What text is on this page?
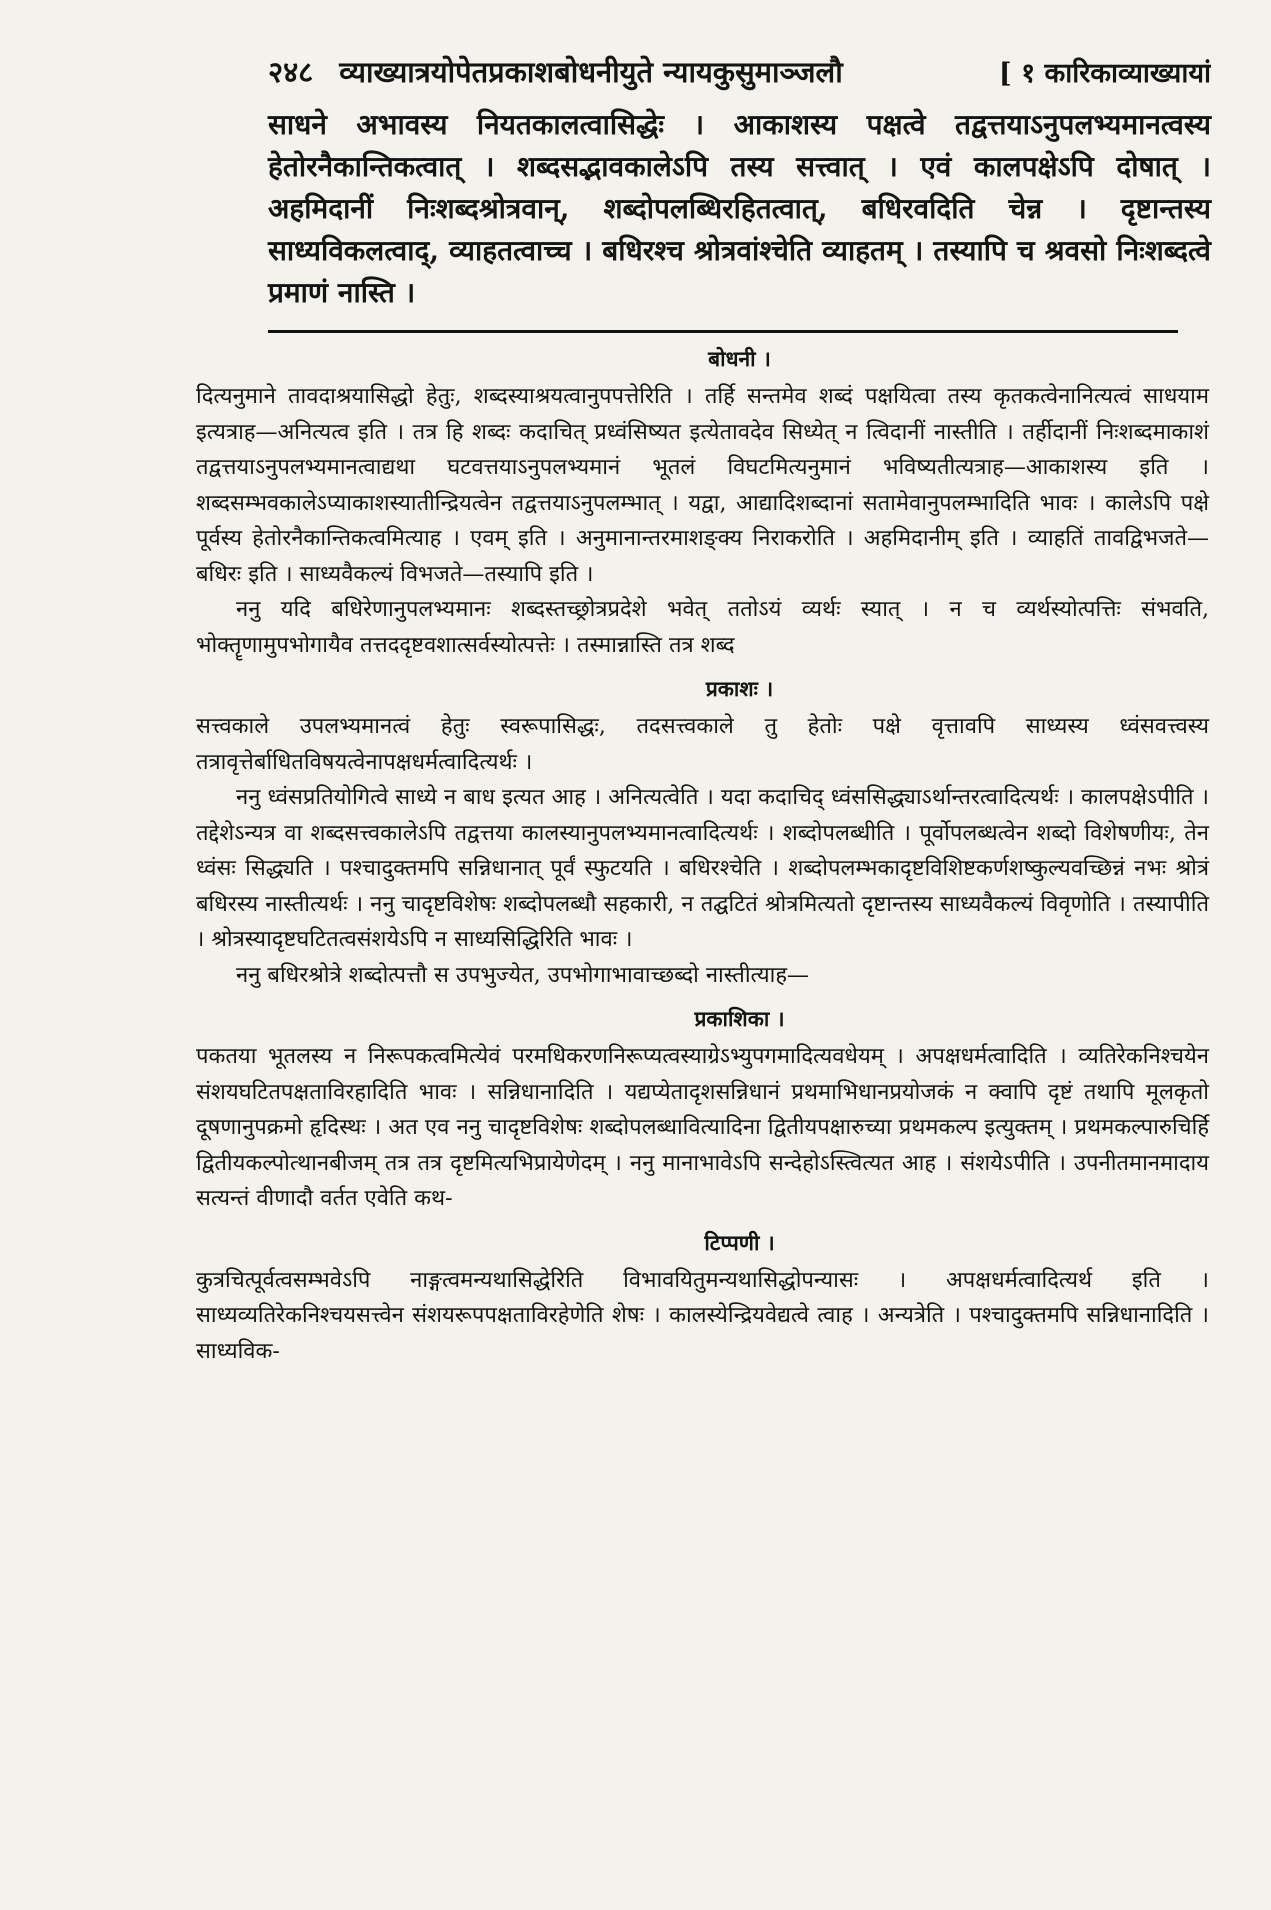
२४८ व्याख्यात्रयोपेतप्रकाशबोधनीयुते न्यायकुसुमाञ्जलौ	[ १ कारिकाव्याख्यायां

साधने अभावस्य नियतकालत्वासिद्धेः । आकाशस्य पक्षत्वे तद्वत्तयाऽनुपलभ्यमानत्वस्य हेतोरनैकान्तिकत्वात् । शब्दसद्भावकालेऽपि तस्य सत्त्वात् । एवं कालपक्षेऽपि दोषात् । अहमिदानीं निःशब्दश्रोत्रवान्, शब्दोपलब्धिरहितत्वात्, बधिरवदिति चेन्न । दृष्टान्तस्य साध्यविकलत्वाद्, व्याहतत्वाच्च । बधिरश्च श्रोत्रवांश्चेति व्याहतम् । तस्यापि च श्रवसो निःशब्दत्वे प्रमाणं नास्ति ।

बोधनी ।

दित्यनुमाने तावदाश्रयासिद्धो हेतुः, शब्दस्याश्रयत्वानुपपत्तेरिति । तर्हि सन्तमेव शब्दं पक्षयित्वा तस्य कृतकत्वेनानित्यत्वं साधयाम इत्यत्राह—अनित्यत्व इति । तत्र हि शब्दः कदाचित् प्रध्वंसिष्यत इत्येतावदेव सिध्येत् न त्विदानीं नास्तीति । तर्हीदानीं निःशब्दमाकाशं तद्वत्तयाऽनुपलभ्यमानत्वाद्यथा घटवत्तयाऽनुपलभ्यमानं भूतलं विघटमित्यनुमानं भविष्यतीत्यत्राह—आकाशस्य इति । शब्दसम्भवकालेऽप्याकाशस्यातीन्द्रियत्वेन तद्वत्तयाऽनुपलम्भात् । यद्वा, आद्यादिशब्दानां सतामेवानुपलम्भादिति भावः । कालेऽपि पक्षे पूर्वस्य हेतोरनैकान्तिकत्वमित्याह । एवम् इति । अनुमानान्तरमाशङ्क्य निराकरोति । अहमिदानीम् इति । व्याहतिं तावद्विभजते—बधिरः इति । साध्यवैकल्यं विभजते—तस्यापि इति ।

ननु यदि बधिरेणानुपलभ्यमानः शब्दस्तच्छ्रोत्रप्रदेशे भवेत् ततोऽयं व्यर्थः स्यात् । न च व्यर्थस्योत्पत्तिः संभवति, भोक्तॄणामुपभोगायैव तत्तददृष्टवशात्सर्वस्योत्पत्तेः । तस्मान्नास्ति तत्र शब्द

प्रकाशः ।

सत्त्वकाले उपलभ्यमानत्वं हेतुः स्वरूपासिद्धः, तदसत्त्वकाले तु हेतोः पक्षे वृत्तावपि साध्यस्य ध्वंसवत्त्वस्य तत्रावृत्तेर्बाधितविषयत्वेनापक्षधर्मत्वादित्यर्थः ।

ननु ध्वंसप्रतियोगित्वे साध्ये न बाध इत्यत आह । अनित्यत्वेति । यदा कदाचिद् ध्वंससिद्ध्याऽर्थान्तरत्वादित्यर्थः । कालपक्षेऽपीति । तद्देशेऽन्यत्र वा शब्दसत्त्वकालेऽपि तद्वत्तया कालस्यानुपलभ्यमानत्वादित्यर्थः । शब्दोपलब्धीति । पूर्वोपलब्धत्वेन शब्दो विशेषणीयः, तेन ध्वंसः सिद्ध्यति । पश्चादुक्तमपि सन्निधानात् पूर्वं स्फुटयति । बधिरश्चेति । शब्दोपलम्भकादृष्टविशिष्टकर्णशष्कुल्यवच्छिन्नं नभः श्रोत्रं बधिरस्य नास्तीत्यर्थः । ननु चादृष्टविशेषः शब्दोपलब्धौ सहकारी, न तद्घटितं श्रोत्रमित्यतो दृष्टान्तस्य साध्यवैकल्यं विवृणोति । तस्यापीति । श्रोत्रस्यादृष्टघटितत्वसंशयेऽपि न साध्यसिद्धिरिति भावः ।

ननु बधिरश्रोत्रे शब्दोत्पत्तौ स उपभुज्येत, उपभोगाभावाच्छब्दो नास्तीत्याह—

प्रकाशिका ।

पकतया भूतलस्य न निरूपकत्वमित्येवं परमधिकरणनिरूप्यत्वस्याग्रेऽभ्युपगमादित्यवधेयम् । अपक्षधर्मत्वादिति । व्यतिरेकनिश्चयेन संशयघटितपक्षताविरहादिति भावः । सन्निधानादिति । यद्यप्येतादृशसन्निधानं प्रथमाभिधानप्रयोजकं न क्वापि दृष्टं तथापि मूलकृतो दूषणानुपक्रमो हृदिस्थः । अत एव ननु चादृष्टविशेषः शब्दोपलब्धावित्यादिना द्वितीयपक्षारुच्या प्रथमकल्प इत्युक्तम् । प्रथमकल्पारुचिर्हि द्वितीयकल्पोत्थानबीजम् तत्र तत्र दृष्टमित्यभिप्रायेणेदम् । ननु मानाभावेऽपि सन्देहोऽस्त्वित्यत आह । संशयेऽपीति । उपनीतमानमादाय सत्यन्तं वीणादौ वर्तत एवेति कथ-

टिप्पणी ।

कुत्रचित्पूर्वत्वसम्भवेऽपि नाङ्गत्वमन्यथासिद्धेरिति विभावयितुमन्यथासिद्धोपन्यासः । अपक्षधर्मत्वादित्यर्थ इति । साध्यव्यतिरेकनिश्चयसत्त्वेन संशयरूपपक्षताविरहेणेति शेषः । कालस्येन्द्रियवेद्यत्वे त्वाह । अन्यत्रेति । पश्चादुक्तमपि सन्निधानादिति । साध्यविक-
